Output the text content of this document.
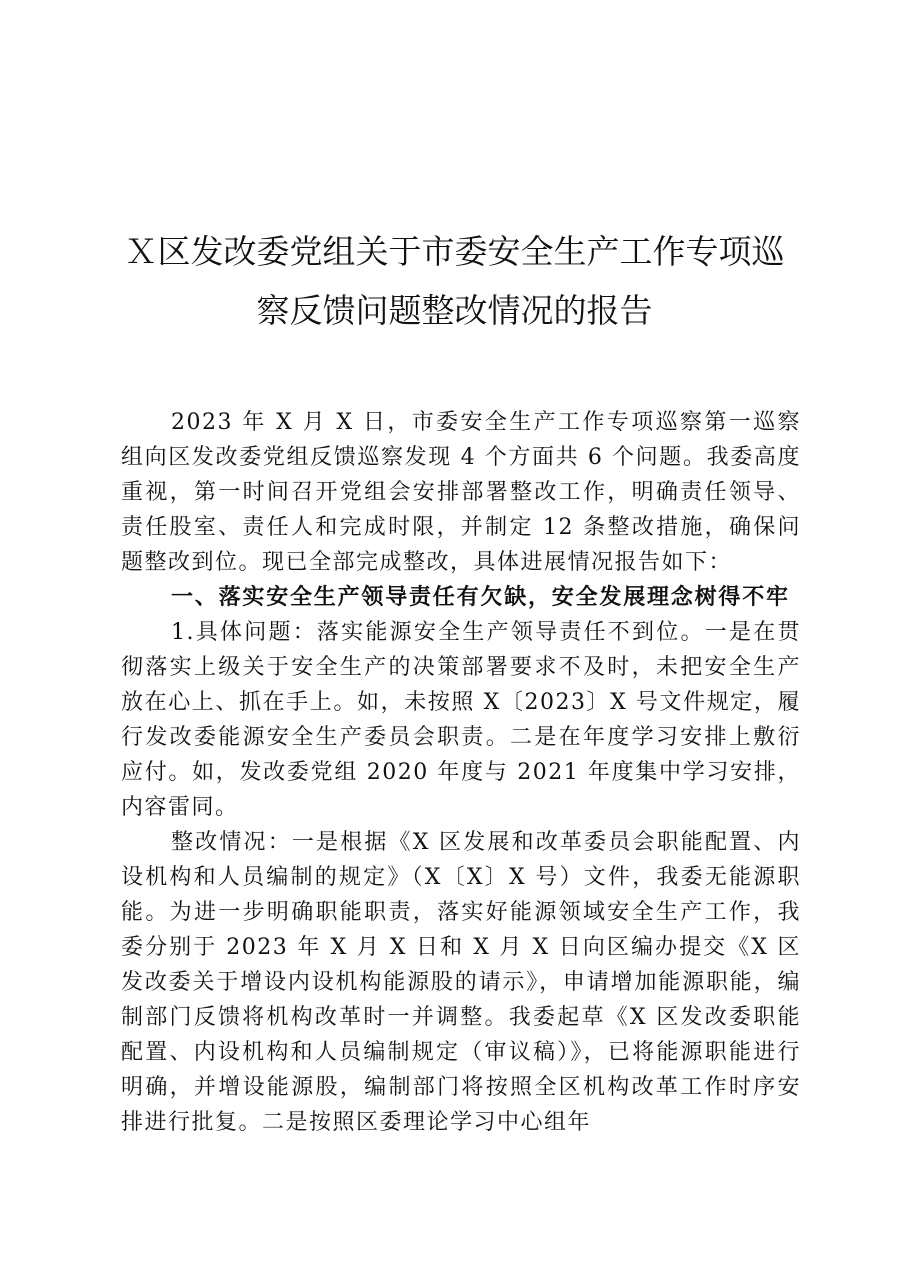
Ｘ区发改委党组关于市委安全生产工作专项巡
察反馈问题整改情况的报告

2023 年 X 月 X 日，市委安全生产工作专项巡察第一巡察组向区发改委党组反馈巡察发现 4 个方面共 6 个问题。我委高度重视，第一时间召开党组会安排部署整改工作，明确责任领导、责任股室、责任人和完成时限，并制定 12 条整改措施，确保问题整改到位。现已全部完成整改，具体进展情况报告如下：

一、落实安全生产领导责任有欠缺，安全发展理念树得不牢

1.具体问题：落实能源安全生产领导责任不到位。一是在贯彻落实上级关于安全生产的决策部署要求不及时，未把安全生产放在心上、抓在手上。如，未按照 X〔2023〕X 号文件规定，履行发改委能源安全生产委员会职责。二是在年度学习安排上敷衍应付。如，发改委党组 2020 年度与 2021 年度集中学习安排，内容雷同。

整改情况：一是根据《X 区发展和改革委员会职能配置、内设机构和人员编制的规定》（X〔X〕X 号）文件，我委无能源职能。为进一步明确职能职责，落实好能源领域安全生产工作，我委分别于 2023 年 X 月 X 日和 X 月 X 日向区编办提交《X 区发改委关于增设内设机构能源股的请示》，申请增加能源职能，编制部门反馈将机构改革时一并调整。我委起草《X 区发改委职能配置、内设机构和人员编制规定（审议稿）》，已将能源职能进行明确，并增设能源股，编制部门将按照全区机构改革工作时序安排进行批复。二是按照区委理论学习中心组年
